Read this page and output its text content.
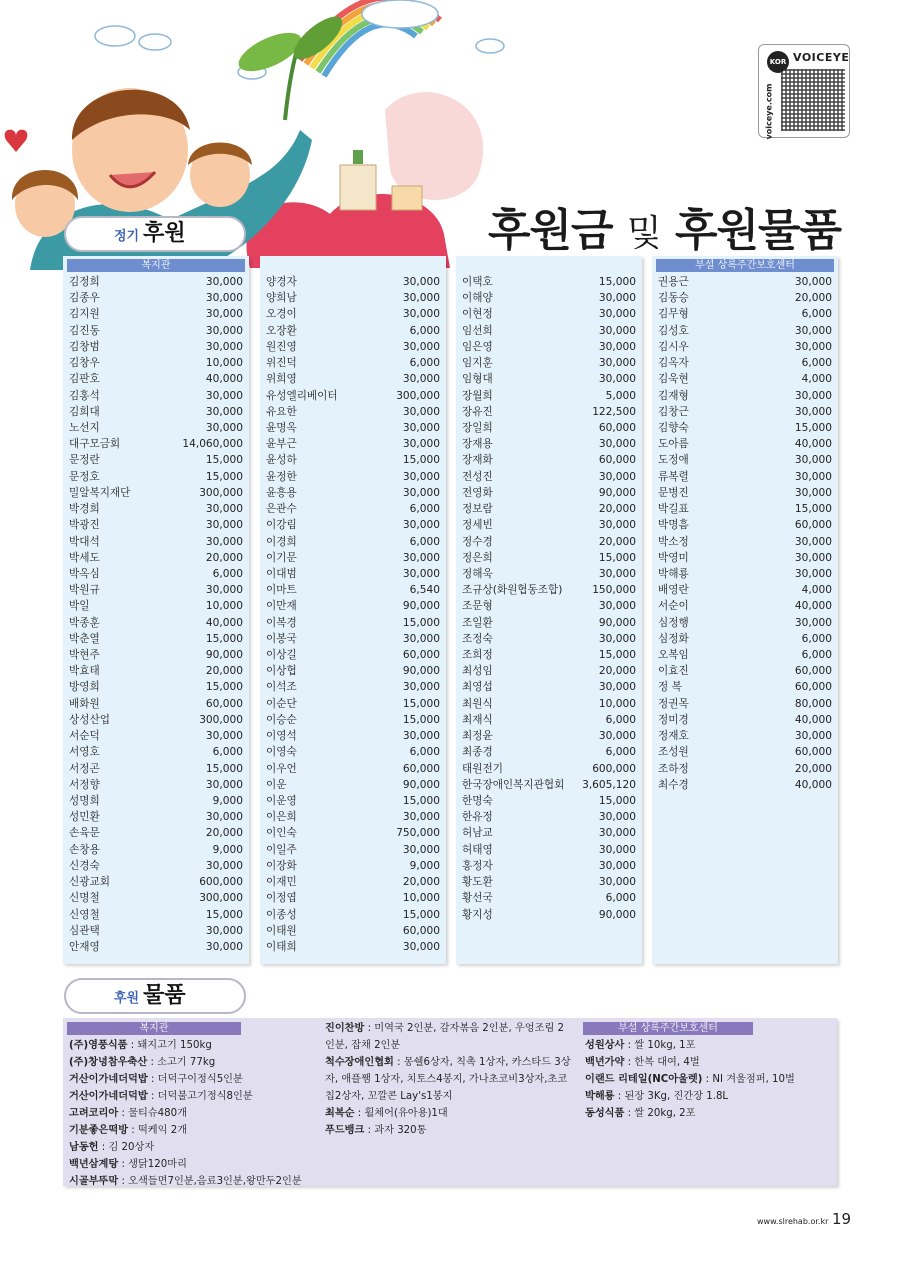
KOR VOICEYE
voiceye.com
후원금 및 후원물품
정기 후원
복지관
김정희	30,000
김종우	30,000
김지원	30,000
김진동	30,000
김창범	30,000
김창우	10,000
김판호	40,000
김홍석	30,000
김희대	30,000
노선지	30,000
대구모금회	14,060,000
문정란	15,000
문정호	15,000
밀알복지재단	300,000
박경희	30,000
박광진	30,000
박대석	30,000
박세도	20,000
박옥심	6,000
박원규	30,000
박일	10,000
박종훈	40,000
박춘열	15,000
박현주	90,000
박효태	20,000
방영희	15,000
배화원	60,000
상성산업	300,000
서순덕	30,000
서영호	6,000
서정곤	15,000
서정향	30,000
성명희	9,000
성민환	30,000
손육문	20,000
손창용	9,000
신경숙	30,000
신광교회	600,000
신명철	300,000
신영철	15,000
심관택	30,000
안재영	30,000
양경자	30,000
양희남	30,000
오경이	30,000
오장환	6,000
원진영	30,000
위진덕	6,000
위희영	30,000
유성엘리베이터	300,000
유요한	30,000
윤명옥	30,000
윤부근	30,000
윤성하	15,000
윤정한	30,000
윤흥용	30,000
은관수	6,000
이강림	30,000
이경희	6,000
이기문	30,000
이대범	30,000
이마트	6,540
이만재	90,000
이복경	15,000
이봉국	30,000
이상길	60,000
이상협	90,000
이석조	30,000
이순단	15,000
이승순	15,000
이영석	30,000
이영숙	6,000
이우언	60,000
이운	90,000
이운영	15,000
이은희	30,000
이인숙	750,000
이일주	30,000
이장화	9,000
이재민	20,000
이정엽	10,000
이종성	15,000
이태원	60,000
이태희	30,000
이택호	15,000
이해양	30,000
이현정	30,000
임선희	30,000
임은영	30,000
임지훈	30,000
임형대	30,000
장월희	5,000
장유진	122,500
장일희	60,000
장재용	30,000
장재화	60,000
전성진	30,000
전영화	90,000
정보람	20,000
정세빈	30,000
정수경	20,000
정은희	15,000
정해욱	30,000
조규상(화원협동조합)	150,000
조문형	30,000
조일환	90,000
조정숙	30,000
조희정	15,000
최성임	20,000
최영섭	30,000
최원식	10,000
최재식	6,000
최정윤	30,000
최종경	6,000
태원전기	600,000
한국장애인복지관협회 3,605,120
한명숙	15,000
한유정	30,000
허남교	30,000
허태영	30,000
홍정자	30,000
황도환	30,000
황선국	6,000
황지성	90,000
부설 상록주간보호센터
권용근	30,000
김동승	20,000
김무형	6,000
김성호	30,000
김시우	30,000
김옥자	6,000
김욱현	4,000
김재형	30,000
김창근	30,000
김향숙	15,000
도아름	40,000
도정애	30,000
류복렬	30,000
문병진	30,000
박길표	15,000
박명흠	60,000
박소정	30,000
박영미	30,000
박해룡	30,000
배영란	4,000
서순이	40,000
심정행	30,000
심정화	6,000
오복임	6,000
이효진	60,000
정 복	60,000
정권목	80,000
정미경	40,000
정재호	30,000
조성원	60,000
조하정	20,000
최수경	40,000
후원 물품
복지관	부설 상록주간보호센터
(주)영풍식품 : 돼지고기 150kg
(주)창녕참우축산 : 소고기 77kg
거산이가네더덕밥 : 더덕구이정식5인분
거산이가네더덕밥 : 더덕불고기정식8인분
고려코리아 : 물티슈480개
기분좋은떡방 : 떡케익 2개
남동헌 : 김 20상자
백년삼계탕 : 생닭120마리
시골부뚜막 : 오색들면7인분,음료3인분,왕만두2인분
진이찬방 : 미역국 2인분, 감자볶음 2인분, 우엉조림 2 인분, 잡채 2인분
척수장애인협회 : 몽쉘6상자, 칙촉 1상자, 카스타드 3상자, 애플쨈 1상자, 치토스4봉지, 가나초코비3상자,초코칩2상자, 꼬깔콘 Lay's1봉지
최복순 : 휠체어(유아용)1대
푸드뱅크 : 과자 320통
성원상사 : 쌀 10kg, 1포
백년가약 : 한복 대여, 4벌
이랜드 리테일(NC아울렛) : NI 겨울점퍼, 10벌
박해룡 : 된장 3Kg, 진간장 1.8L
동성식품 : 쌀 20kg, 2포
www.slrehab.or.kr 19
